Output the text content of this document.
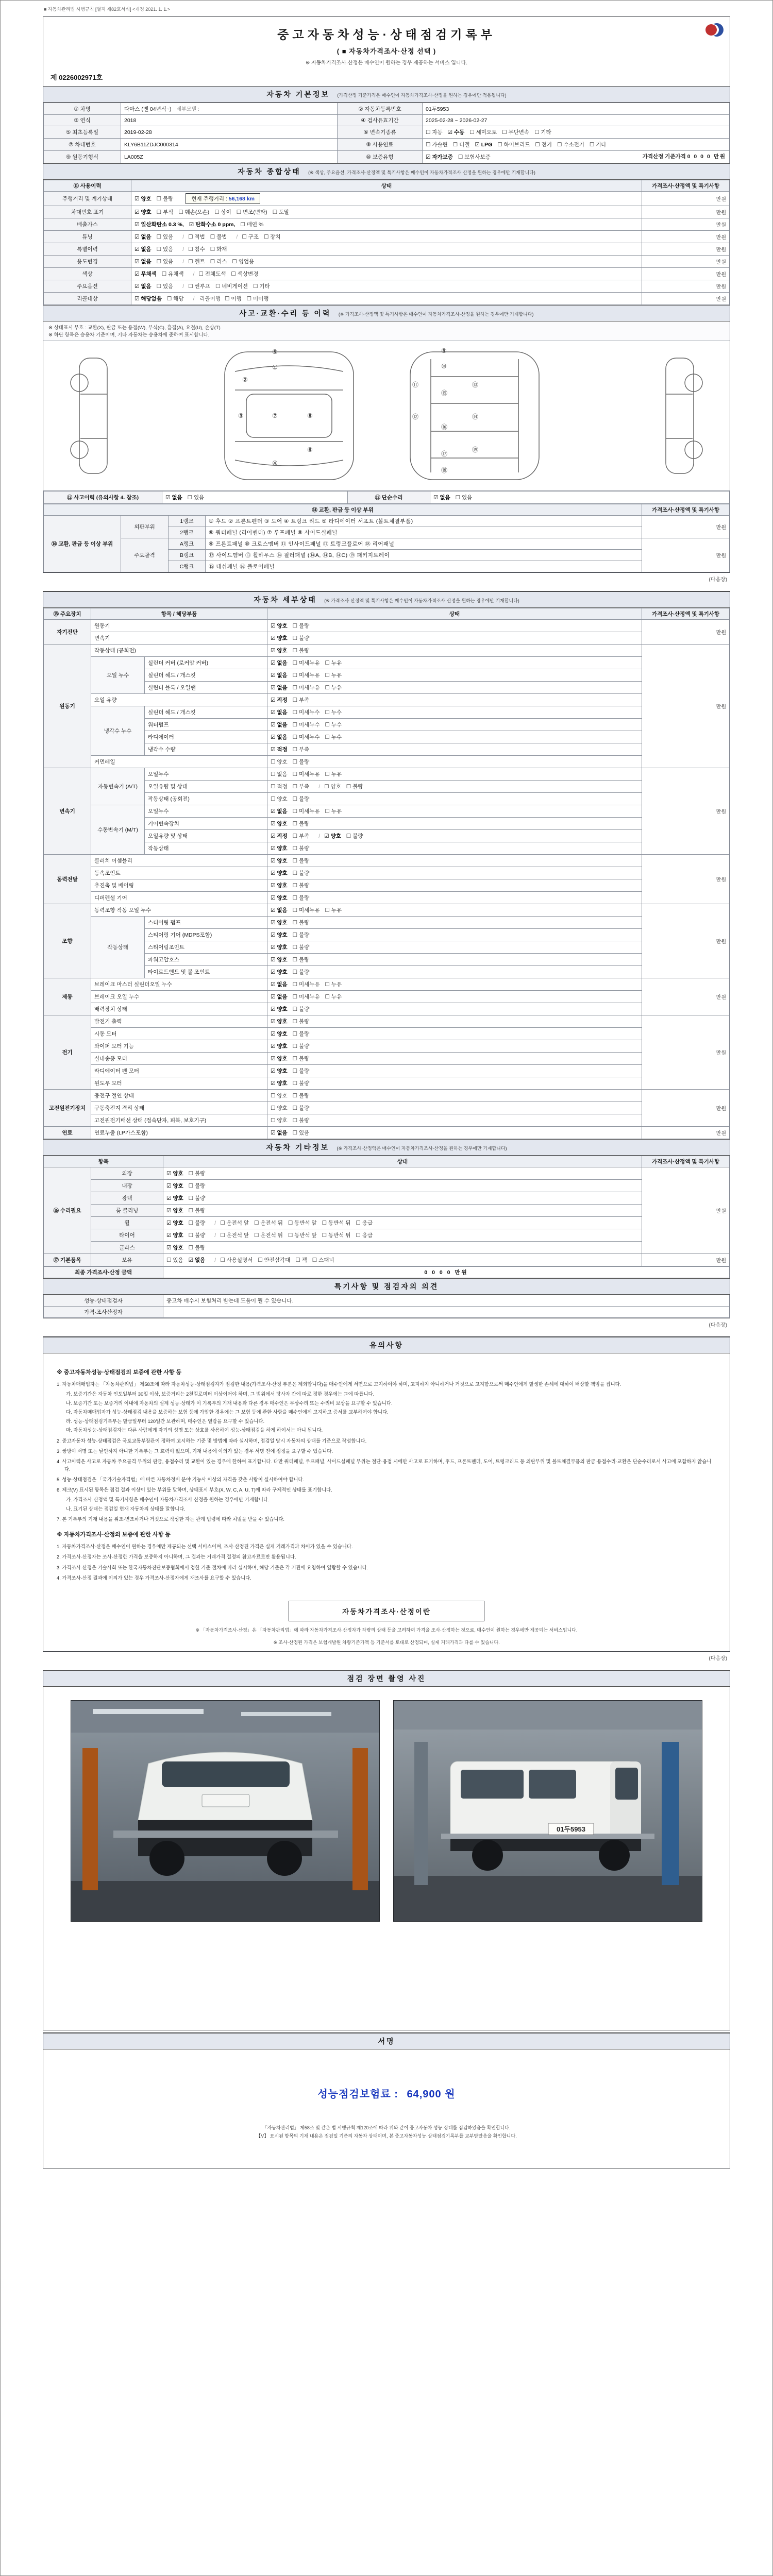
■ 자동차관리법 시행규칙 [별지 제82호서식] <개정 2021. 1. 1.>
중고자동차성능·상태점검기록부
( ■ 자동차가격조사·산정 선택 )
※ 자동차가격조사·산정은 매수인이 원하는 경우 제공하는 서비스 입니다.
제 0226002971호
자동차 기본정보 (가격산정 기준가격은 매수인이 자동차가격조사·산정을 원하는 경우에만 적용됩니다)
① 차명	다마스 (밴 04년식~) 세부모델 :	② 자동차등록번호	01두5953
③ 연식	2018	④ 검사유효기간	2025-02-28 ~ 2026-02-27
⑤ 최초등록일	2019-02-28	⑥ 변속기종류	☐ 자동 ☑ 수동 ☐ 세미오토 ☐ 무단변속 ☐ 기타
⑦ 차대번호	KLY6B11ZDJC000314	⑧ 사용연료	☐ 가솔린 ☐ 디젤 ☑ LPG ☐ 하이브리드 ☐ 전기 ☐ 수소전기 ☐ 기타
⑨ 원동기형식	LA005Z	⑩ 보증유형	☑ 자가보증 ☐ 보험사보증 가격산정 기준가격 0 0 0 0 만원
자동차 종합상태 (※ 색상, 주요옵션, 가격조사·산정액 및 특기사항은 매수인이 자동차가격조사·산정을 원하는 경우에만 기재합니다)
⑪ 사용이력	상태	가격조사·산정액 및 특기사항
주행거리 및 계기상태	☑ 양호 ☐ 불량 현재 주행거리 : 56,168 km	만원
차대번호 표기	☑ 양호 ☐ 부식 ☐ 훼손(오손) ☐ 상이 ☐ 변조(변타) ☐ 도말	만원
배출가스	☑ 일산화탄소 0.3 %, ☑ 탄화수소 0 ppm, ☐ 매연 %	만원
튜닝	☑ 없음 ☐ 있음 / ☐ 적법 ☐ 불법 / ☐ 구조 ☐ 장치	만원
특별이력	☑ 없음 ☐ 있음 / ☐ 침수 ☐ 화재	만원
용도변경	☑ 없음 ☐ 있음 / ☐ 렌트 ☐ 리스 ☐ 영업용	만원
색상	☑ 무채색 ☐ 유채색 / ☐ 전체도색 ☐ 색상변경	만원
주요옵션	☑ 없음 ☐ 있음 / ☐ 썬루프 ☐ 네비게이션 ☐ 기타	만원
리콜대상	☑ 해당없음 ☐ 해당 / 리콜이행 ☐ 이행 ☐ 미이행	만원
사고·교환·수리 등 이력 (※ 가격조사·산정액 및 특기사항은 매수인이 자동차가격조사·산정을 원하는 경우에만 기재합니다)
※ 상태표시 부호 : 교환(X), 판금 또는 용접(W), 부식(C), 흠집(A), 요철(U), 손상(T)
※ 하단 항목은 승용차 기준이며, 기타 자동차는 승용차에 준하여 표시합니다.
⑤
①
②
③	⑦	⑧
⑥
④
⑨
⑩
⑪
⑫
⑬
⑭
⑮
⑯
⑰
⑱
⑲
⑫ 사고이력 (유의사항 4. 참조)	☑ 없음 ☐ 있음	⑬ 단순수리	☑ 없음 ☐ 있음
⑭ 교환, 판금 등 이상 부위				가격조사·산정액 및 특기사항
⑭ 교환, 판금 등 이상 부위	외판부위	1랭크	① 후드 ② 프론트펜더 ③ 도어 ④ 트렁크 리드 ⑤ 라디에이터 서포트 (볼트체결부품)	만원
		2랭크	⑥ 쿼터패널 (리어펜더) ⑦ 루프패널 ⑧ 사이드실패널	
	주요골격	A랭크	⑨ 프론트패널 ⑩ 크로스멤버 ⑪ 인사이드패널 ⑰ 트렁크플로어 ⑱ 리어패널	만원
		B랭크	⑫ 사이드멤버 ⑬ 휠하우스 ⑭ 필러패널 (⑭A, ⑭B, ⑭C) ⑲ 패키지트레이	
		C랭크	⑮ 대쉬패널 ⑯ 플로어패널	
(다음장)
자동차 세부상태 (※ 가격조사·산정액 및 특기사항은 매수인이 자동차가격조사·산정을 원하는 경우에만 기재합니다)
⑮ 주요장치	항목 / 해당부품		상태	가격조사·산정액 및 특기사항
자기진단	원동기		☑ 양호 ☐ 불량	만원
	변속기		☑ 양호 ☐ 불량	
원동기	작동상태 (공회전)		☑ 양호 ☐ 불량	만원
	오일 누수	실린더 커버 (로커암 커버)	☑ 없음 ☐ 미세누유 ☐ 누유	
		실린더 헤드 / 개스킷	☑ 없음 ☐ 미세누유 ☐ 누유	
		실린더 블록 / 오일팬	☑ 없음 ☐ 미세누유 ☐ 누유	
	오일 유량		☑ 적정 ☐ 부족	
	냉각수 누수	실린더 헤드 / 개스킷	☑ 없음 ☐ 미세누수 ☐ 누수	
		워터펌프	☑ 없음 ☐ 미세누수 ☐ 누수	
		라디에이터	☑ 없음 ☐ 미세누수 ☐ 누수	
		냉각수 수량	☑ 적정 ☐ 부족	
	커먼레일		☐ 양호 ☐ 불량	
변속기	자동변속기 (A/T)	오일누수	☐ 없음 ☐ 미세누유 ☐ 누유	만원
		오일유량 및 상태	☐ 적정 ☐ 부족 / ☐ 양호 ☐ 불량	
		작동상태 (공회전)	☐ 양호 ☐ 불량	
	수동변속기 (M/T)	오일누수	☑ 없음 ☐ 미세누유 ☐ 누유	
		기어변속장치	☑ 양호 ☐ 불량	
		오일유량 및 상태	☑ 적정 ☐ 부족 / ☑ 양호 ☐ 불량	
		작동상태	☑ 양호 ☐ 불량	
동력전달	클러치 어셈블리		☑ 양호 ☐ 불량	만원
	등속조인트		☑ 양호 ☐ 불량	
	추진축 및 베어링		☑ 양호 ☐ 불량	
	디퍼렌셜 기어		☑ 양호 ☐ 불량	
조향	동력조향 작동 오일 누수		☑ 없음 ☐ 미세누유 ☐ 누유	만원
	작동상태	스티어링 펌프	☑ 양호 ☐ 불량	
		스티어링 기어 (MDPS포함)	☑ 양호 ☐ 불량	
		스티어링조인트	☑ 양호 ☐ 불량	
		파워고압호스	☑ 양호 ☐ 불량	
		타이로드엔드 및 볼 조인트	☑ 양호 ☐ 불량	
제동	브레이크 마스터 실린더오일 누수		☑ 없음 ☐ 미세누유 ☐ 누유	만원
	브레이크 오일 누수		☑ 없음 ☐ 미세누유 ☐ 누유	
	배력장치 상태		☑ 양호 ☐ 불량	
전기	발전기 출력		☑ 양호 ☐ 불량	만원
	시동 모터		☑ 양호 ☐ 불량	
	와이퍼 모터 기능		☑ 양호 ☐ 불량	
	실내송풍 모터		☑ 양호 ☐ 불량	
	라디에이터 팬 모터		☑ 양호 ☐ 불량	
	윈도우 모터		☑ 양호 ☐ 불량	
고전원전기장치	충전구 절연 상태		☐ 양호 ☐ 불량	만원
	구동축전지 격리 상태		☐ 양호 ☐ 불량	
	고전원전기배선 상태 (접속단자, 피복, 보호기구)		☐ 양호 ☐ 불량	
연료	연료누출 (LP가스포함)		☑ 없음 ☐ 있음	만원
자동차 기타정보 (※ 가격조사·산정액은 매수인이 자동차가격조사·산정을 원하는 경우에만 기재합니다)
항목		상태	가격조사·산정액 및 특기사항
⑯ 수리필요	외장	☑ 양호 ☐ 불량	만원
	내장	☑ 양호 ☐ 불량	
	광택	☑ 양호 ☐ 불량	
	룸 클리닝	☑ 양호 ☐ 불량	
	휠	☑ 양호 ☐ 불량 / ☐ 운전석 앞 ☐ 운전석 뒤 ☐ 동반석 앞 ☐ 동반석 뒤 ☐ 응급	
	타이어	☑ 양호 ☐ 불량 / ☐ 운전석 앞 ☐ 운전석 뒤 ☐ 동반석 앞 ☐ 동반석 뒤 ☐ 응급	
	글라스	☑ 양호 ☐ 불량	
⑰ 기본품목	보유	☐ 있음 ☑ 없음 / ☐ 사용설명서 ☐ 안전삼각대 ☐ 잭 ☐ 스패너	만원
최종 가격조사·산정 금액	0 0 0 0 만원
특기사항 및 점검자의 의견
성능·상태점검자	중고차 매수시 보험처리 받는데 도움이 될 수 있습니다.
가격·조사산정자	
(다음장)
유의사항
※ 중고자동차성능·상태점검의 보증에 관한 사항 등
1. 자동차매매업자는 「자동차관리법」 제58조에 따라 자동차성능·상태점검자가 점검한 내용(가격조사·산정 부분은 제외합니다)을 매수인에게 서면으로 고지하여야 하며, 고지하지 아니하거나 거짓으로 고지함으로써 매수인에게 발생한 손해에 대하여 배상할 책임을 집니다.
가. 보증기간은 자동차 인도일부터 30일 이상, 보증거리는 2천킬로미터 이상이어야 하며, 그 범위에서 당사자 간에 따로 정한 경우에는 그에 따릅니다.
나. 보증기간 또는 보증거리 이내에 자동차의 실제 성능·상태가 이 기록부의 기재 내용과 다른 경우 매수인은 무상수리 또는 수리비 보상을 요구할 수 있습니다.
다. 자동차매매업자가 성능·상태점검 내용을 보증하는 보험 등에 가입한 경우에는 그 보험 등에 관한 사항을 매수인에게 고지하고 증서를 교부하여야 합니다.
라. 성능·상태점검기록부는 발급일부터 120일간 보관하며, 매수인은 열람을 요구할 수 있습니다.
마. 자동차성능·상태점검자는 다른 사람에게 자기의 성명 또는 상호를 사용하여 성능·상태점검을 하게 하여서는 아니 됩니다.
2. 중고자동차 성능·상태점검은 국토교통부장관이 정하여 고시하는 기준 및 방법에 따라 실시하며, 점검일 당시 자동차의 상태를 기준으로 작성합니다.
3. 쌍방이 서명 또는 날인하지 아니한 기록부는 그 효력이 없으며, 기재 내용에 이의가 있는 경우 서명 전에 정정을 요구할 수 있습니다.
4. 사고이력은 사고로 자동차 주요골격 부위의 판금, 용접수리 및 교환이 있는 경우에 한하여 표기합니다. 다만 쿼터패널, 루프패널, 사이드실패널 부위는 절단·용접 시에만 사고로 표기하며, 후드, 프론트펜더, 도어, 트렁크리드 등 외판부위 및 볼트체결부품의 판금·용접수리·교환은 단순수리로서 사고에 포함하지 않습니다.
5. 성능·상태점검은 「국가기술자격법」에 따른 자동차정비 분야 기능사 이상의 자격을 갖춘 사람이 실시하여야 합니다.
6. 체크(V) 표시된 항목은 점검 결과 이상이 있는 부위를 말하며, 상태표시 부호(X, W, C, A, U, T)에 따라 구체적인 상태를 표기합니다.
가. 가격조사·산정액 및 특기사항은 매수인이 자동차가격조사·산정을 원하는 경우에만 기재합니다.
나. 표기된 상태는 점검일 현재 자동차의 상태를 말합니다.
7. 본 기록부의 기재 내용을 위조·변조하거나 거짓으로 작성한 자는 관계 법령에 따라 처벌을 받을 수 있습니다.
※ 자동차가격조사·산정의 보증에 관한 사항 등
1. 자동차가격조사·산정은 매수인이 원하는 경우에만 제공되는 선택 서비스이며, 조사·산정된 가격은 실제 거래가격과 차이가 있을 수 있습니다.
2. 가격조사·산정자는 조사·산정한 가격을 보증하지 아니하며, 그 결과는 거래가격 결정의 참고자료로만 활용됩니다.
3. 가격조사·산정은 기술사회 또는 한국자동차진단보증협회에서 정한 기준·절차에 따라 실시하며, 해당 기준은 각 기관에 요청하여 열람할 수 있습니다.
4. 가격조사·산정 결과에 이의가 있는 경우 가격조사·산정자에게 재조사를 요구할 수 있습니다.
자동차가격조사·산정이란
※ 「자동차가격조사·산정」은 「자동차관리법」에 따라 자동차가격조사·산정자가 차량의 상태 등을 고려하여 가격을 조사·산정하는 것으로, 매수인이 원하는 경우에만 제공되는 서비스입니다.
※ 조사·산정된 가격은 보험개발원 차량기준가액 등 기준서를 토대로 산정되며, 실제 거래가격과 다를 수 있습니다.
(다음장)
점검 장면 촬영 사진
01두5953
서명
성능점검보험료 : 64,900 원
「자동차관리법」 제58조 및 같은 법 시행규칙 제120조에 따라 위와 같이 중고자동차 성능·상태를 점검하였음을 확인합니다.
【V】 표시된 항목의 기재 내용은 점검일 기준의 자동차 상태이며, 본 중고자동차성능·상태점검기록부를 교부받았음을 확인합니다.
